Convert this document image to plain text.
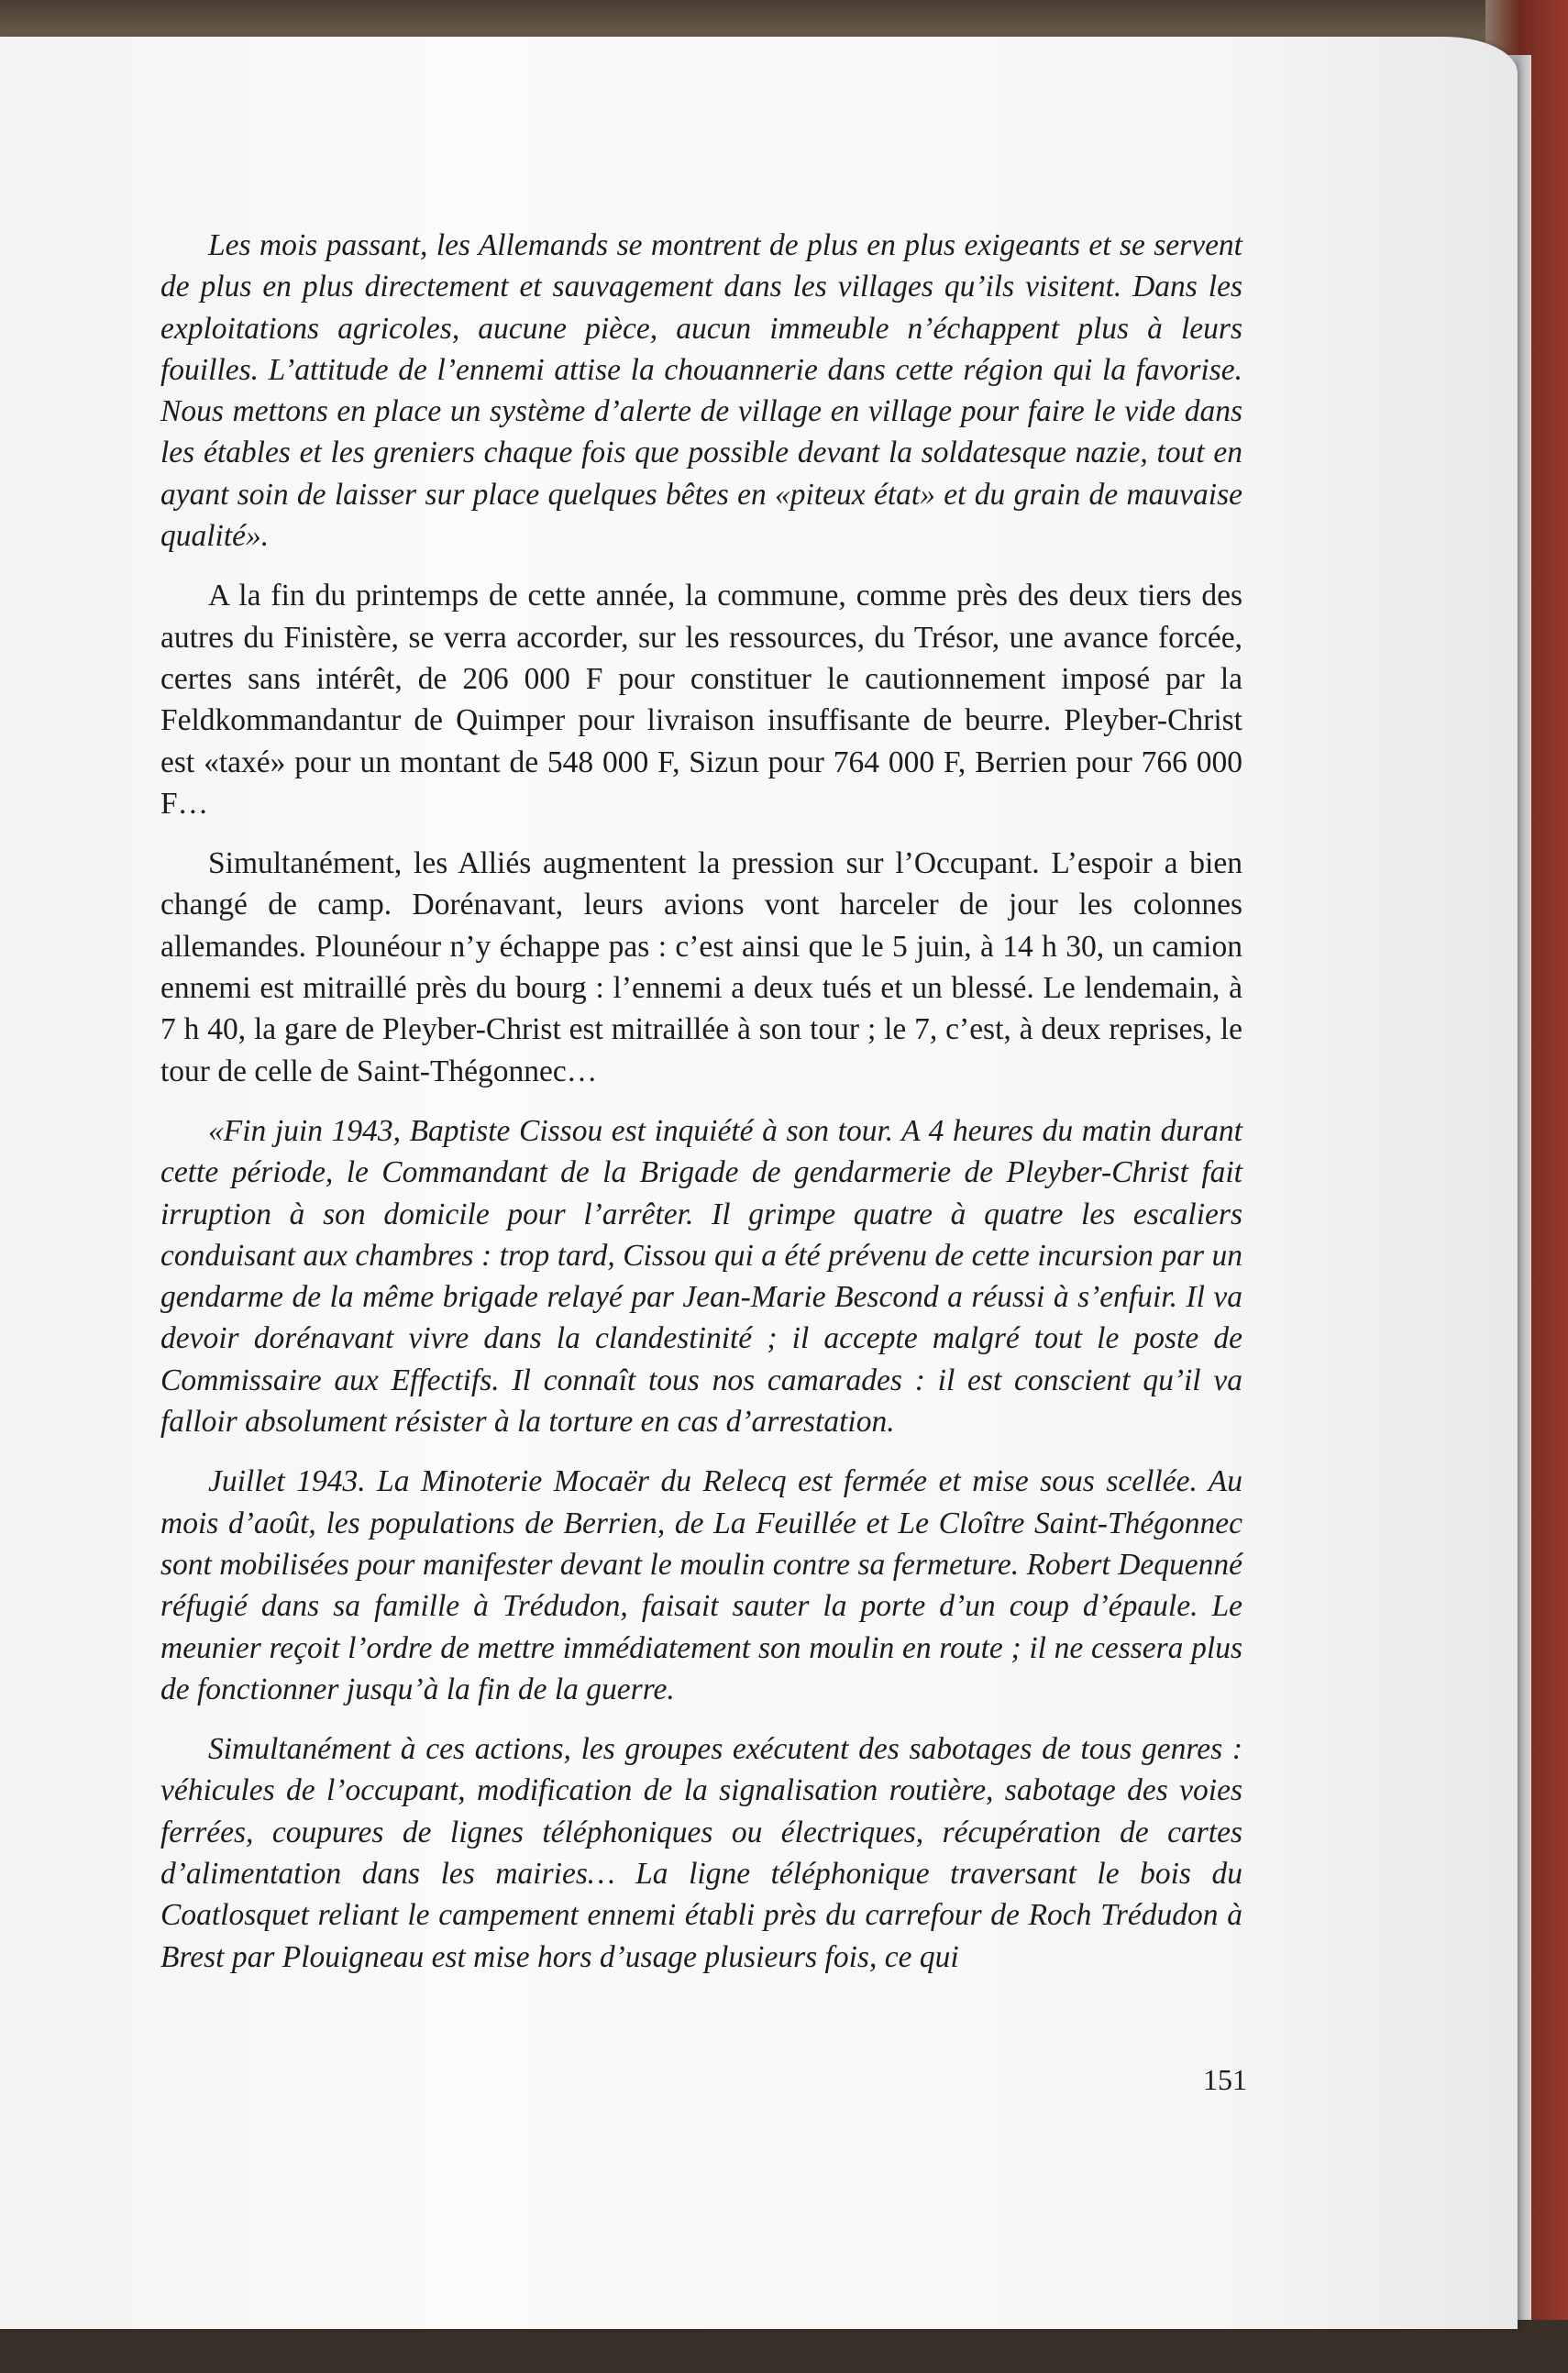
Les mois passant, les Allemands se montrent de plus en plus exigeants et se servent de plus en plus directement et sauvagement dans les villages qu’ils visitent. Dans les exploitations agricoles, aucune pièce, aucun immeuble n’échappent plus à leurs fouilles. L’attitude de l’ennemi attise la chouannerie dans cette région qui la favorise. Nous mettons en place un système d’alerte de village en village pour faire le vide dans les étables et les greniers chaque fois que possible devant la soldatesque nazie, tout en ayant soin de laisser sur place quelques bêtes en «piteux état» et du grain de mauvaise qualité».

A la fin du printemps de cette année, la commune, comme près des deux tiers des autres du Finistère, se verra accorder, sur les ressources, du Trésor, une avance forcée, certes sans intérêt, de 206 000 F pour constituer le cautionnement imposé par la Feldkommandantur de Quimper pour livraison insuffisante de beurre. Pleyber-Christ est «taxé» pour un montant de 548 000 F, Sizun pour 764 000 F, Berrien pour 766 000 F…

Simultanément, les Alliés augmentent la pression sur l’Occupant. L’espoir a bien changé de camp. Dorénavant, leurs avions vont harceler de jour les colonnes allemandes. Plounéour n’y échappe pas : c’est ainsi que le 5 juin, à 14 h 30, un camion ennemi est mitraillé près du bourg : l’ennemi a deux tués et un blessé. Le lendemain, à 7 h 40, la gare de Pleyber-Christ est mitraillée à son tour ; le 7, c’est, à deux reprises, le tour de celle de Saint-Thégonnec…

«Fin juin 1943, Baptiste Cissou est inquiété à son tour. A 4 heures du matin durant cette période, le Commandant de la Brigade de gendarmerie de Pleyber-Christ fait irruption à son domicile pour l’arrêter. Il grimpe quatre à quatre les escaliers conduisant aux chambres : trop tard, Cissou qui a été prévenu de cette incursion par un gendarme de la même brigade relayé par Jean-Marie Bescond a réussi à s’enfuir. Il va devoir dorénavant vivre dans la clandestinité ; il accepte malgré tout le poste de Commissaire aux Effectifs. Il connaît tous nos camarades : il est conscient qu’il va falloir absolument résister à la torture en cas d’arrestation.

Juillet 1943. La Minoterie Mocaër du Relecq est fermée et mise sous scellée. Au mois d’août, les populations de Berrien, de La Feuillée et Le Cloître Saint-Thégonnec sont mobilisées pour manifester devant le moulin contre sa fermeture. Robert Dequenné réfugié dans sa famille à Trédudon, faisait sauter la porte d’un coup d’épaule. Le meunier reçoit l’ordre de mettre immédiatement son moulin en route ; il ne cessera plus de fonctionner jusqu’à la fin de la guerre.

Simultanément à ces actions, les groupes exécutent des sabotages de tous genres : véhicules de l’occupant, modification de la signalisation routière, sabotage des voies ferrées, coupures de lignes téléphoniques ou électriques, récupération de cartes d’alimentation dans les mairies… La ligne téléphonique traversant le bois du Coatlosquet reliant le campement ennemi établi près du carrefour de Roch Trédudon à Brest par Plouigneau est mise hors d’usage plusieurs fois, ce qui

151
